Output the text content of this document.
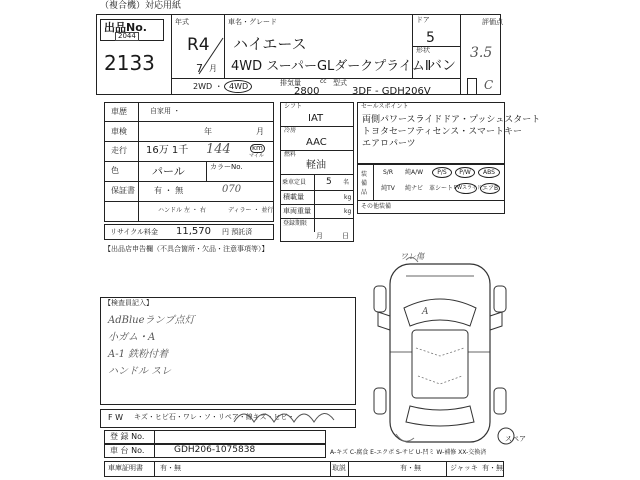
（複合機）対応用紙
出品No.
2044
2133
年式
R4
7 月
車名・グレード
ハイエース
4WD スーパーGLダークプライムⅡ
ドア
5
形状
バン
評価点
3.5
C
2WD ・ 4WD	排気量	cc
2800
型式
3DF - GDH206V
車歴	自家用 ・
車検	年	月
走行 16万 1千 144	km
マイル
色	パール	カラーNo.
保証書 有 ・ 無	070
ハンドル 左 ・ 右	ディラー ・ 並行
リサイクル料金 11,570 円 預託済
シフト
IAT
冷房
AAC
燃料
軽油
乗車定員 5 名
積載量	kg
車両重量	kg
登録期限
月	日
セールスポイント
両側パワースライドドア・プッシュスタート
トヨタセーフティセンス・スマートキー
エアロパーツ
装備品
S/R	純A/W	P/S	P/W	ABS
純TV	純ナビ 革シート PWスライド エアB
その他装備
【出品店申告欄（不具合箇所・欠品・注意事項等）】
【検査員記入】
AdBlueランプ点灯
小ガム・A
A-1 鉄粉付着
ハンドル スレ
ワレ傷
A
スペア
F W キズ・ヒビ石・ワレ・ソ・リペア・線キズ・ヒビ・
登 録 No.
車 台 No.	GDH206-1075838	A-キズ C-腐食 E-エクボ S-サビ U-凹ミ W-補修 XX-交換済
車庫証明書 有・無	取説	有・無	ジャッキ 有・無
